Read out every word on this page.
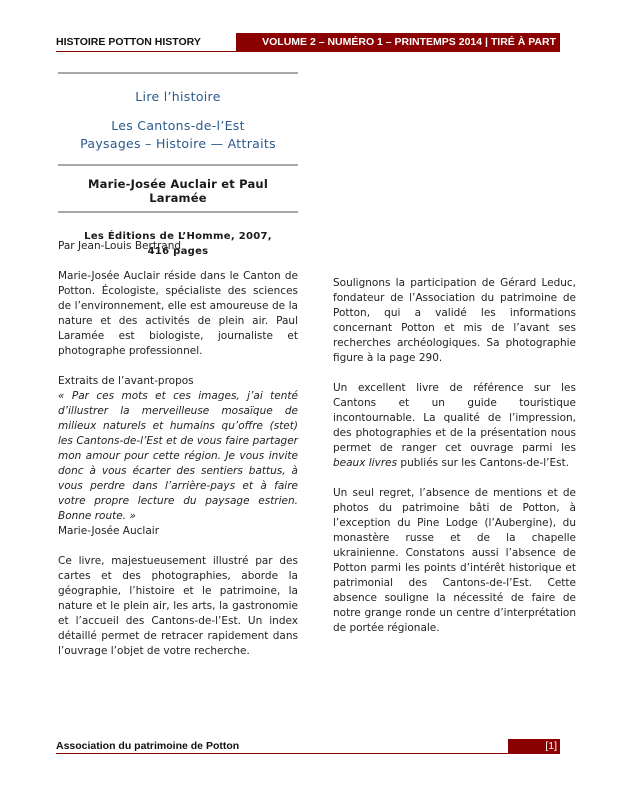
HISTOIRE POTTON HISTORY	VOLUME 2 – NUMÉRO 1 – PRINTEMPS 2014 | TIRÉ À PART
Lire l’histoire
Les Cantons-de-l’Est
Paysages – Histoire — Attraits
Marie-Josée Auclair et Paul Laramée
Les Éditions de L’Homme, 2007,
416 pages

Par Jean-Louis Bertrand

Marie-Josée Auclair réside dans le Canton de Potton. Écologiste, spécialiste des sciences de l’environnement, elle est amoureuse de la nature et des activités de plein air. Paul Laramée est biologiste, journaliste et photographe professionnel.

Extraits de l’avant-propos

« Par ces mots et ces images, j’ai tenté d’illustrer la merveilleuse mosaïque de milieux naturels et humains qu’offre (stet) les Cantons-de-l’Est et de vous faire partager mon amour pour cette région. Je vous invite donc à vous écarter des sentiers battus, à vous perdre dans l’arrière-pays et à faire votre propre lecture du paysage estrien. Bonne route. »

Marie-Josée Auclair

Ce livre, majestueusement illustré par des cartes et des photographies, aborde la géographie, l’histoire et le patrimoine, la nature et le plein air, les arts, la gastronomie et l’accueil des Cantons-de-l’Est. Un index détaillé permet de retracer rapidement dans l’ouvrage l’objet de votre recherche.

Soulignons la participation de Gérard Leduc, fondateur de l’Association du patrimoine de Potton, qui a validé les informations concernant Potton et mis de l’avant ses recherches archéologiques. Sa photographie figure à la page 290.

Un excellent livre de référence sur les Cantons et un guide touristique incontournable. La qualité de l’impression, des photographies et de la présentation nous permet de ranger cet ouvrage parmi les beaux livres publiés sur les Cantons-de-l’Est.

Un seul regret, l’absence de mentions et de photos du patrimoine bâti de Potton, à l’exception du Pine Lodge (l’Aubergine), du monastère russe et de la chapelle ukrainienne. Constatons aussi l’absence de Potton parmi les points d’intérêt historique et patrimonial des Cantons-de-l’Est. Cette absence souligne la nécessité de faire de notre grange ronde un centre d’interprétation de portée régionale.

Association du patrimoine de Potton	[1]
